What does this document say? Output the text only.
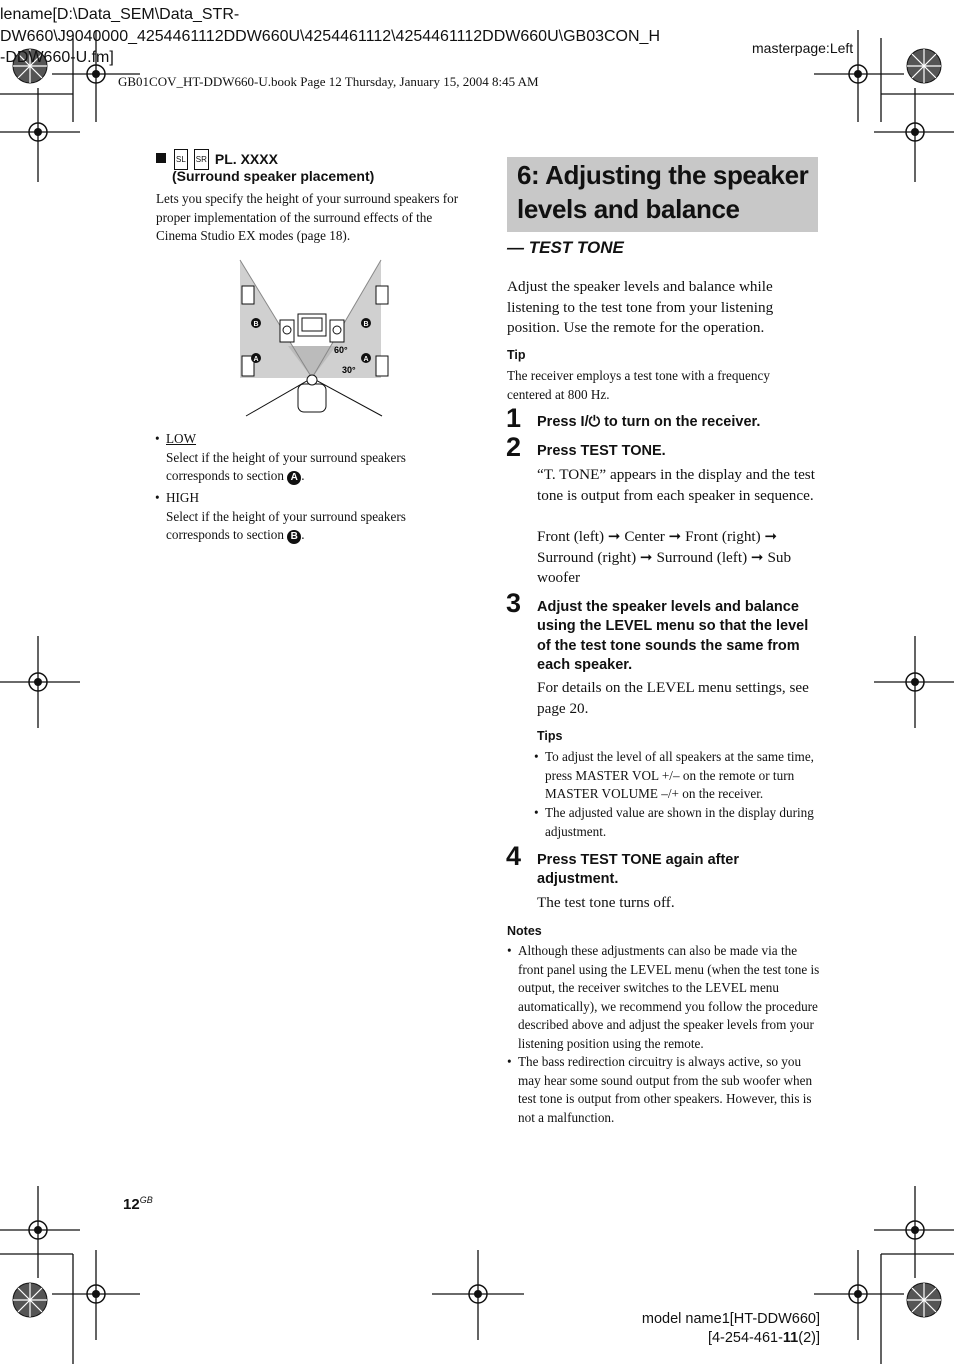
lename[D:\Data_SEM\Data_STR-
DW660\J9040000_4254461112DDW660U\4254461112\4254461112DDW660U\GB03CON_H
-DDW660-U.fm]
masterpage:Left
GB01COV_HT-DDW660-U.book Page 12 Thursday, January 15, 2004 8:45 AM
SL SR PL. XXXX
(Surround speaker placement)
Lets you specify the height of your surround speakers for proper implementation of the surround effects of the Cinema Studio EX modes (page 18).
60°
30°
B	B
A	A
• LOW
Select if the height of your surround speakers corresponds to section A .
• HIGH
Select if the height of your surround speakers corresponds to section B .
6: Adjusting the speaker levels and balance
— TEST TONE
Adjust the speaker levels and balance while listening to the test tone from your listening position. Use the remote for the operation.
Tip
The receiver employs a test tone with a frequency centered at 800 Hz.
1 Press I/⏻ to turn on the receiver.
2 Press TEST TONE.
“T. TONE” appears in the display and the test tone is output from each speaker in sequence.
Front (left) ➞ Center ➞ Front (right) ➞ Surround (right) ➞ Surround (left) ➞ Sub woofer
3 Adjust the speaker levels and balance using the LEVEL menu so that the level of the test tone sounds the same from each speaker.
For details on the LEVEL menu settings, see page 20.
Tips
• To adjust the level of all speakers at the same time, press MASTER VOL +/– on the remote or turn MASTER VOLUME –/+ on the receiver.
• The adjusted value are shown in the display during adjustment.
4 Press TEST TONE again after adjustment.
The test tone turns off.
Notes
• Although these adjustments can also be made via the front panel using the LEVEL menu (when the test tone is output, the receiver switches to the LEVEL menu automatically), we recommend you follow the procedure described above and adjust the speaker levels from your listening position using the remote.
• The bass redirection circuitry is always active, so you may hear some sound output from the sub woofer when test tone is output from other speakers. However, this is not a malfunction.
$12^{GB}$
model name1[HT-DDW660]
[4-254-461-11(2)]
